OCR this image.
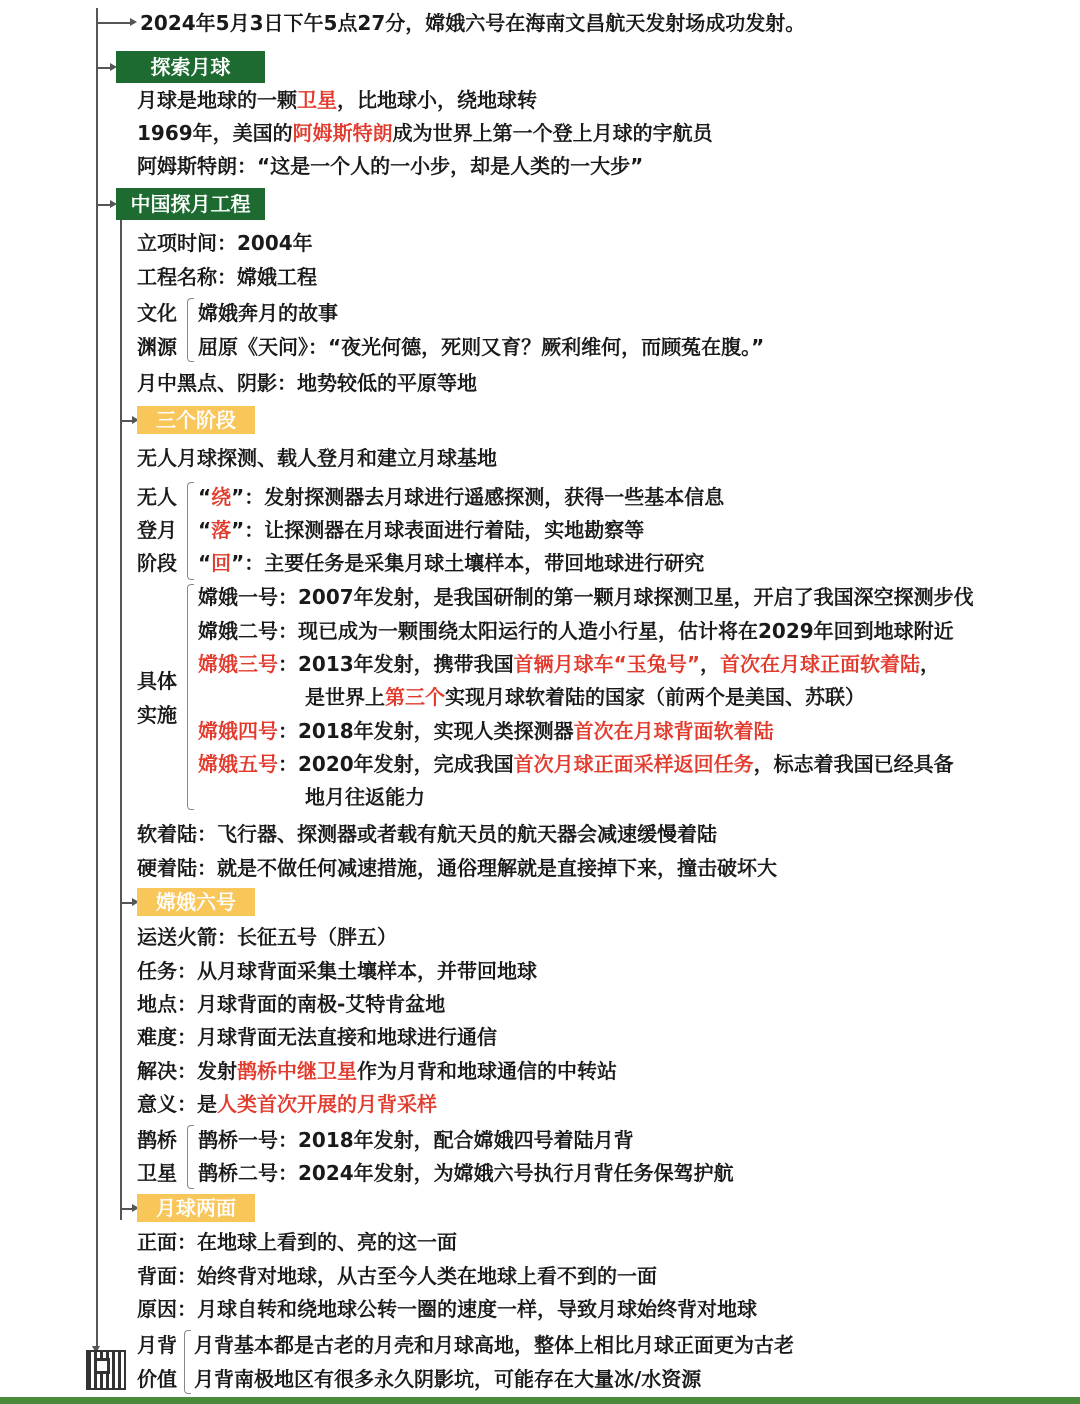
2024年5月3日下午5点27分，嫦娥六号在海南文昌航天发射场成功发射。
探索月球
月球是地球的一颗卫星，比地球小，绕地球转
1969年，美国的阿姆斯特朗成为世界上第一个登上月球的宇航员
阿姆斯特朗：“这是一个人的一小步，却是人类的一大步”
中国探月工程
立项时间：2004年
工程名称：嫦娥工程
文化
渊源
嫦娥奔月的故事
屈原《天问》：“夜光何德，死则又育？厥利维何，而顾菟在腹。”
月中黑点、阴影：地势较低的平原等地
三个阶段
无人月球探测、载人登月和建立月球基地
无人
登月
阶段
“绕”：发射探测器去月球进行遥感探测，获得一些基本信息
“落”：让探测器在月球表面进行着陆，实地勘察等
“回”：主要任务是采集月球土壤样本，带回地球进行研究
具体
实施
嫦娥一号：2007年发射，是我国研制的第一颗月球探测卫星，开启了我国深空探测步伐
嫦娥二号：现已成为一颗围绕太阳运行的人造小行星，估计将在2029年回到地球附近
嫦娥三号：2013年发射，携带我国首辆月球车“玉兔号”，首次在月球正面软着陆，
是世界上第三个实现月球软着陆的国家（前两个是美国、苏联）
嫦娥四号：2018年发射，实现人类探测器首次在月球背面软着陆
嫦娥五号：2020年发射，完成我国首次月球正面采样返回任务，标志着我国已经具备
地月往返能力
软着陆：飞行器、探测器或者载有航天员的航天器会减速缓慢着陆
硬着陆：就是不做任何减速措施，通俗理解就是直接掉下来，撞击破坏大
嫦娥六号
运送火箭：长征五号（胖五）
任务：从月球背面采集土壤样本，并带回地球
地点：月球背面的南极-艾特肯盆地
难度：月球背面无法直接和地球进行通信
解决：发射鹊桥中继卫星作为月背和地球通信的中转站
意义：是人类首次开展的月背采样
鹊桥
卫星
鹊桥一号：2018年发射，配合嫦娥四号着陆月背
鹊桥二号：2024年发射，为嫦娥六号执行月背任务保驾护航
月球两面
正面：在地球上看到的、亮的这一面
背面：始终背对地球，从古至今人类在地球上看不到的一面
原因：月球自转和绕地球公转一圈的速度一样，导致月球始终背对地球
月背
价值
月背基本都是古老的月壳和月球高地，整体上相比月球正面更为古老
月背南极地区有很多永久阴影坑，可能存在大量冰/水资源
